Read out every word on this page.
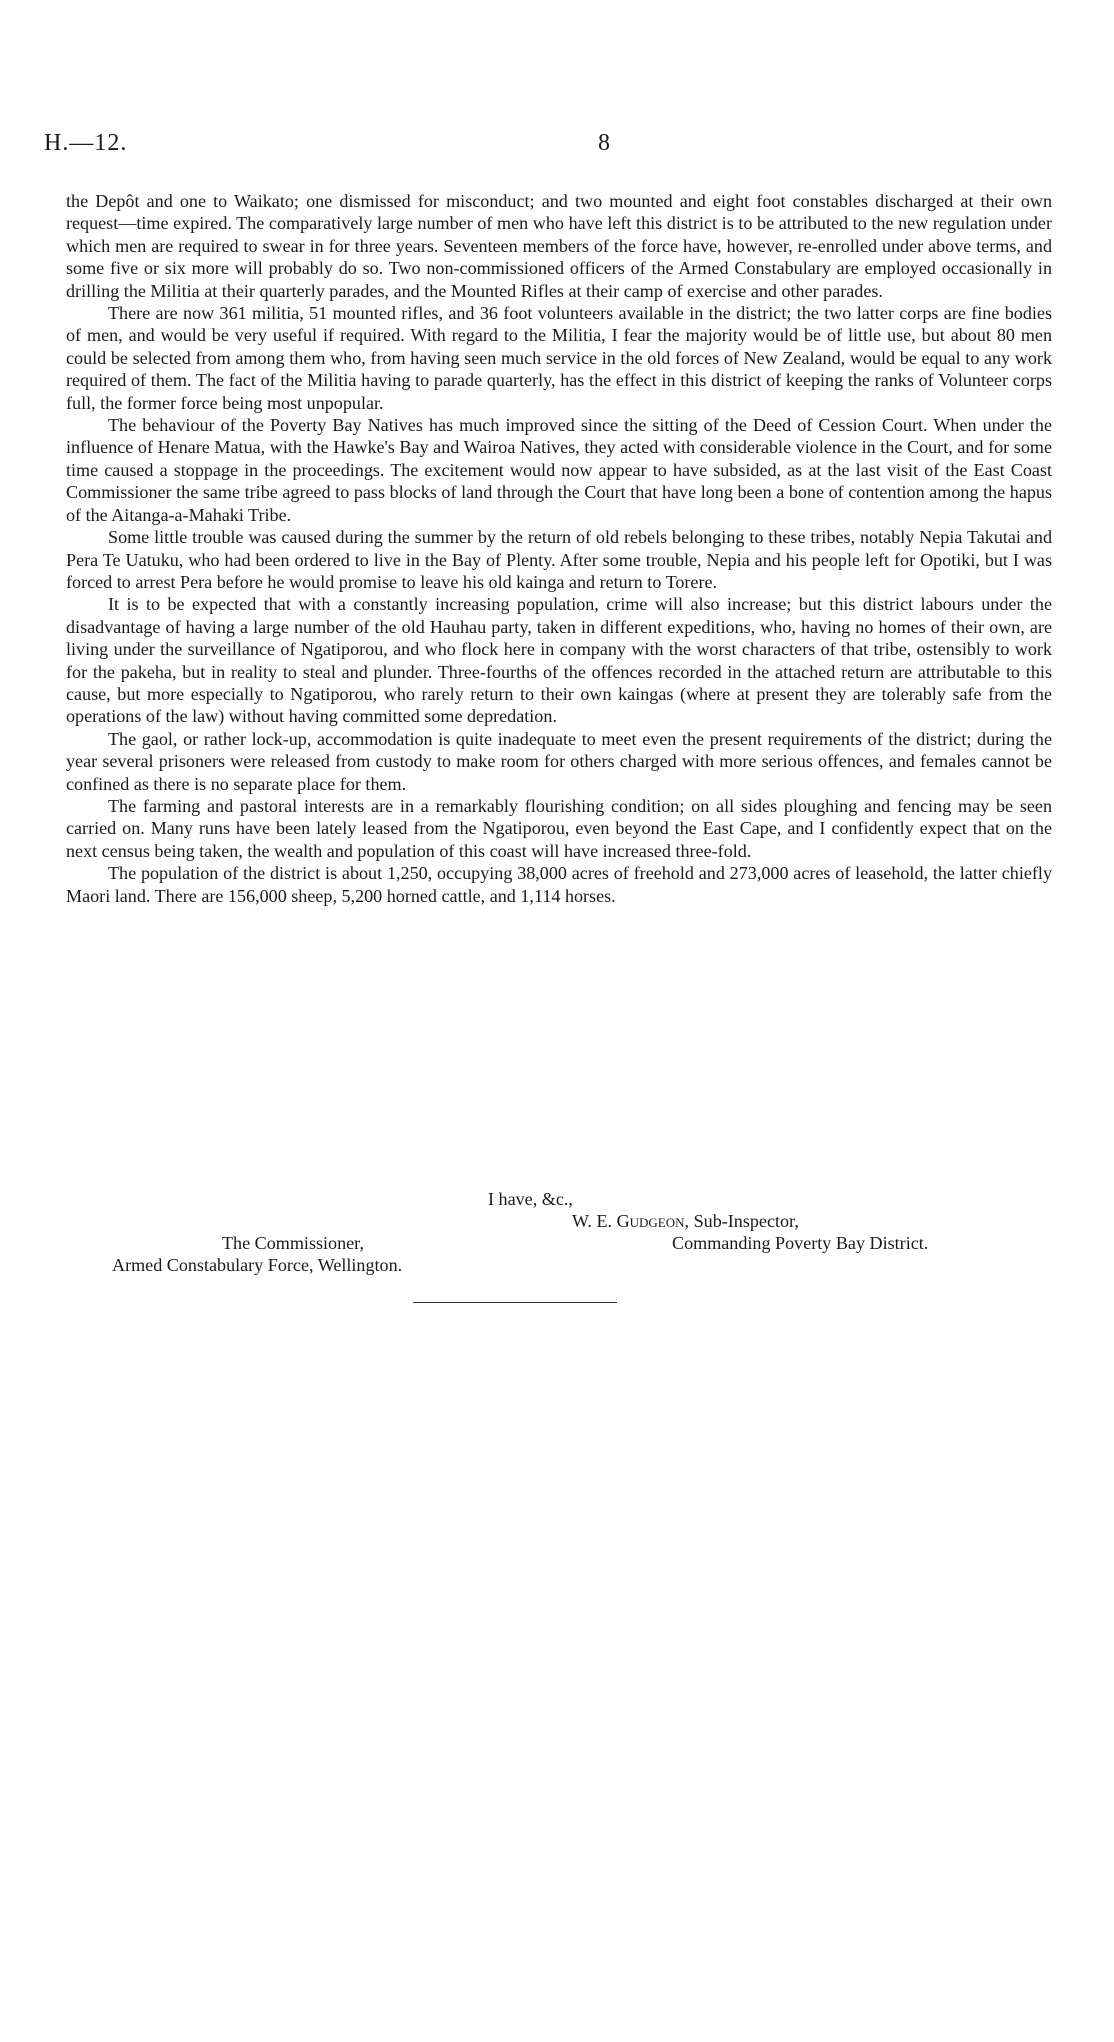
H.—12.	8

the Depôt and one to Waikato; one dismissed for misconduct; and two mounted and eight foot constables discharged at their own request—time expired. The comparatively large number of men who have left this district is to be attributed to the new regulation under which men are required to swear in for three years. Seventeen members of the force have, however, re-enrolled under above terms, and some five or six more will probably do so. Two non-commissioned officers of the Armed Constabulary are employed occasionally in drilling the Militia at their quarterly parades, and the Mounted Rifles at their camp of exercise and other parades.

There are now 361 militia, 51 mounted rifles, and 36 foot volunteers available in the district; the two latter corps are fine bodies of men, and would be very useful if required. With regard to the Militia, I fear the majority would be of little use, but about 80 men could be selected from among them who, from having seen much service in the old forces of New Zealand, would be equal to any work required of them. The fact of the Militia having to parade quarterly, has the effect in this district of keeping the ranks of Volunteer corps full, the former force being most unpopular.

The behaviour of the Poverty Bay Natives has much improved since the sitting of the Deed of Cession Court. When under the influence of Henare Matua, with the Hawke's Bay and Wairoa Natives, they acted with considerable violence in the Court, and for some time caused a stoppage in the proceedings. The excitement would now appear to have subsided, as at the last visit of the East Coast Commissioner the same tribe agreed to pass blocks of land through the Court that have long been a bone of contention among the hapus of the Aitanga-a-Mahaki Tribe.

Some little trouble was caused during the summer by the return of old rebels belonging to these tribes, notably Nepia Takutai and Pera Te Uatuku, who had been ordered to live in the Bay of Plenty. After some trouble, Nepia and his people left for Opotiki, but I was forced to arrest Pera before he would promise to leave his old kainga and return to Torere.

It is to be expected that with a constantly increasing population, crime will also increase; but this district labours under the disadvantage of having a large number of the old Hauhau party, taken in different expeditions, who, having no homes of their own, are living under the surveillance of Ngatiporou, and who flock here in company with the worst characters of that tribe, ostensibly to work for the pakeha, but in reality to steal and plunder. Three-fourths of the offences recorded in the attached return are attributable to this cause, but more especially to Ngatiporou, who rarely return to their own kaingas (where at present they are tolerably safe from the operations of the law) without having committed some depredation.

The gaol, or rather lock-up, accommodation is quite inadequate to meet even the present requirements of the district; during the year several prisoners were released from custody to make room for others charged with more serious offences, and females cannot be confined as there is no separate place for them.

The farming and pastoral interests are in a remarkably flourishing condition; on all sides ploughing and fencing may be seen carried on. Many runs have been lately leased from the Ngatiporou, even beyond the East Cape, and I confidently expect that on the next census being taken, the wealth and population of this coast will have increased three-fold.

The population of the district is about 1,250, occupying 38,000 acres of freehold and 273,000 acres of leasehold, the latter chiefly Maori land. There are 156,000 sheep, 5,200 horned cattle, and 1,114 horses.

I have, &c.,
W. E. Gudgeon, Sub-Inspector,
Commanding Poverty Bay District.
The Commissioner,
Armed Constabulary Force, Wellington.
